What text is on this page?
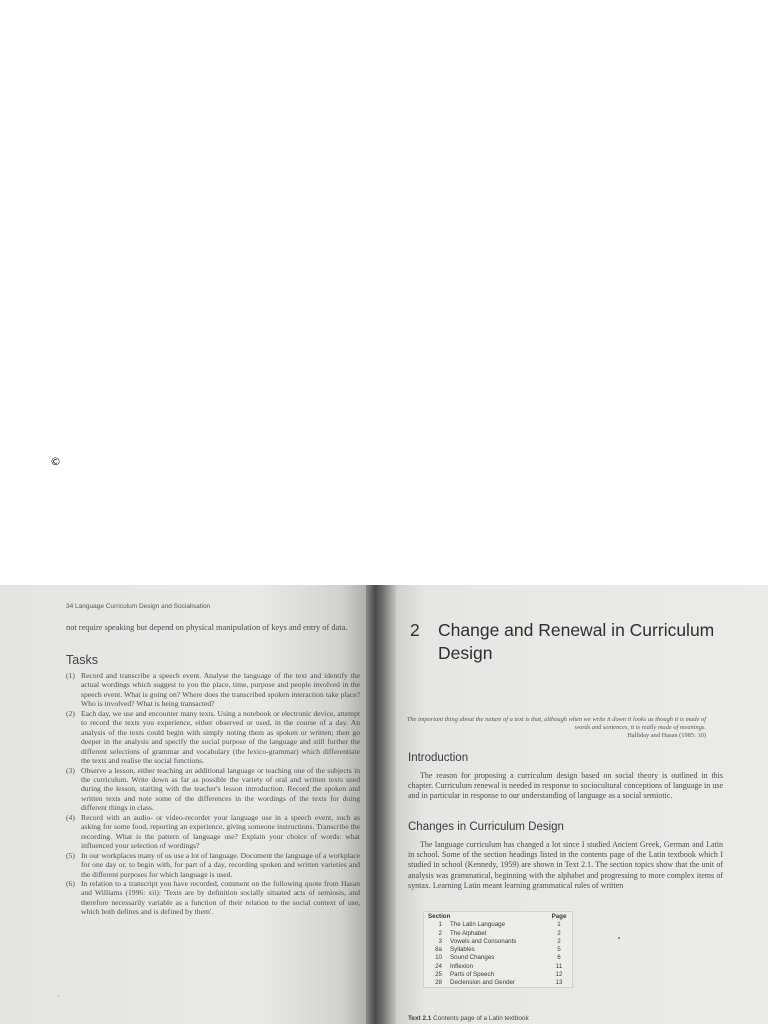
©
34 Language Curriculum Design and Socialisation
not require speaking but depend on physical manipulation of keys and entry of data.
Tasks
(1) Record and transcribe a speech event. Analyse the language of the text and identify the actual wordings which suggest to you the place, time, purpose and people involved in the speech event. What is going on? Where does the transcribed spoken interaction take place? Who is involved? What is being transacted?
(2) Each day, we use and encounter many texts. Using a notebook or electronic device, attempt to record the texts you experience, either observed or used, in the course of a day. An analysis of the texts could begin with simply noting them as spoken or written; then go deeper in the analysis and specify the social purpose of the language and still further the different selections of grammar and vocabulary (the lexico-grammar) which differentiate the texts and realise the social functions.
(3) Observe a lesson, either teaching an additional language or teaching one of the subjects in the curriculum. Write down as far as possible the variety of oral and written texts used during the lesson, starting with the teacher's lesson introduction. Record the spoken and written texts and note some of the differences in the wordings of the texts for doing different things in class.
(4) Record with an audio- or video-recorder your language use in a speech event, such as asking for some food, reporting an experience, giving someone instructions. Transcribe the recording. What is the pattern of language use? Explain your choice of words: what influenced your selection of wordings?
(5) In our workplaces many of us use a lot of language. Document the language of a workplace for one day or, to begin with, for part of a day, recording spoken and written varieties and the different purposes for which language is used.
(6) In relation to a transcript you have recorded, comment on the following quote from Hasan and Williams (1996: xii): 'Texts are by definition socially situated acts of semiosis, and therefore necessarily variable as a function of their relation to the social context of use, which both defines and is defined by them'.
'
2 Change and Renewal in Curriculum Design
The important thing about the nature of a text is that, although when we write it down it looks as though it is made of words and sentences, it is really made of meanings.
Halliday and Hasan (1985: 10)
Introduction
The reason for proposing a curriculum design based on social theory is outlined in this chapter. Curriculum renewal is needed in response to sociocultural conceptions of language in use and in particular in response to our understanding of language as a social semiotic.
Changes in Curriculum Design
The language curriculum has changed a lot since I studied Ancient Greek, German and Latin in school. Some of the section headings listed in the contents page of the Latin textbook which I studied in school (Kennedy, 1959) are shown in Text 2.1. The section topics show that the unit of analysis was grammatical, beginning with the alphabet and progressing to more complex items of syntax. Learning Latin meant learning grammatical rules of written
Section		Page
1	The Latin Language	1
2	The Alphabet	2
3	Vowels and Consonants	2
8a	Syllables	5
10	Sound Changes	6
24	Inflexion	11
25	Parts of Speech	12
28	Declension and Gender	13
Text 2.1 Contents page of a Latin textbook
